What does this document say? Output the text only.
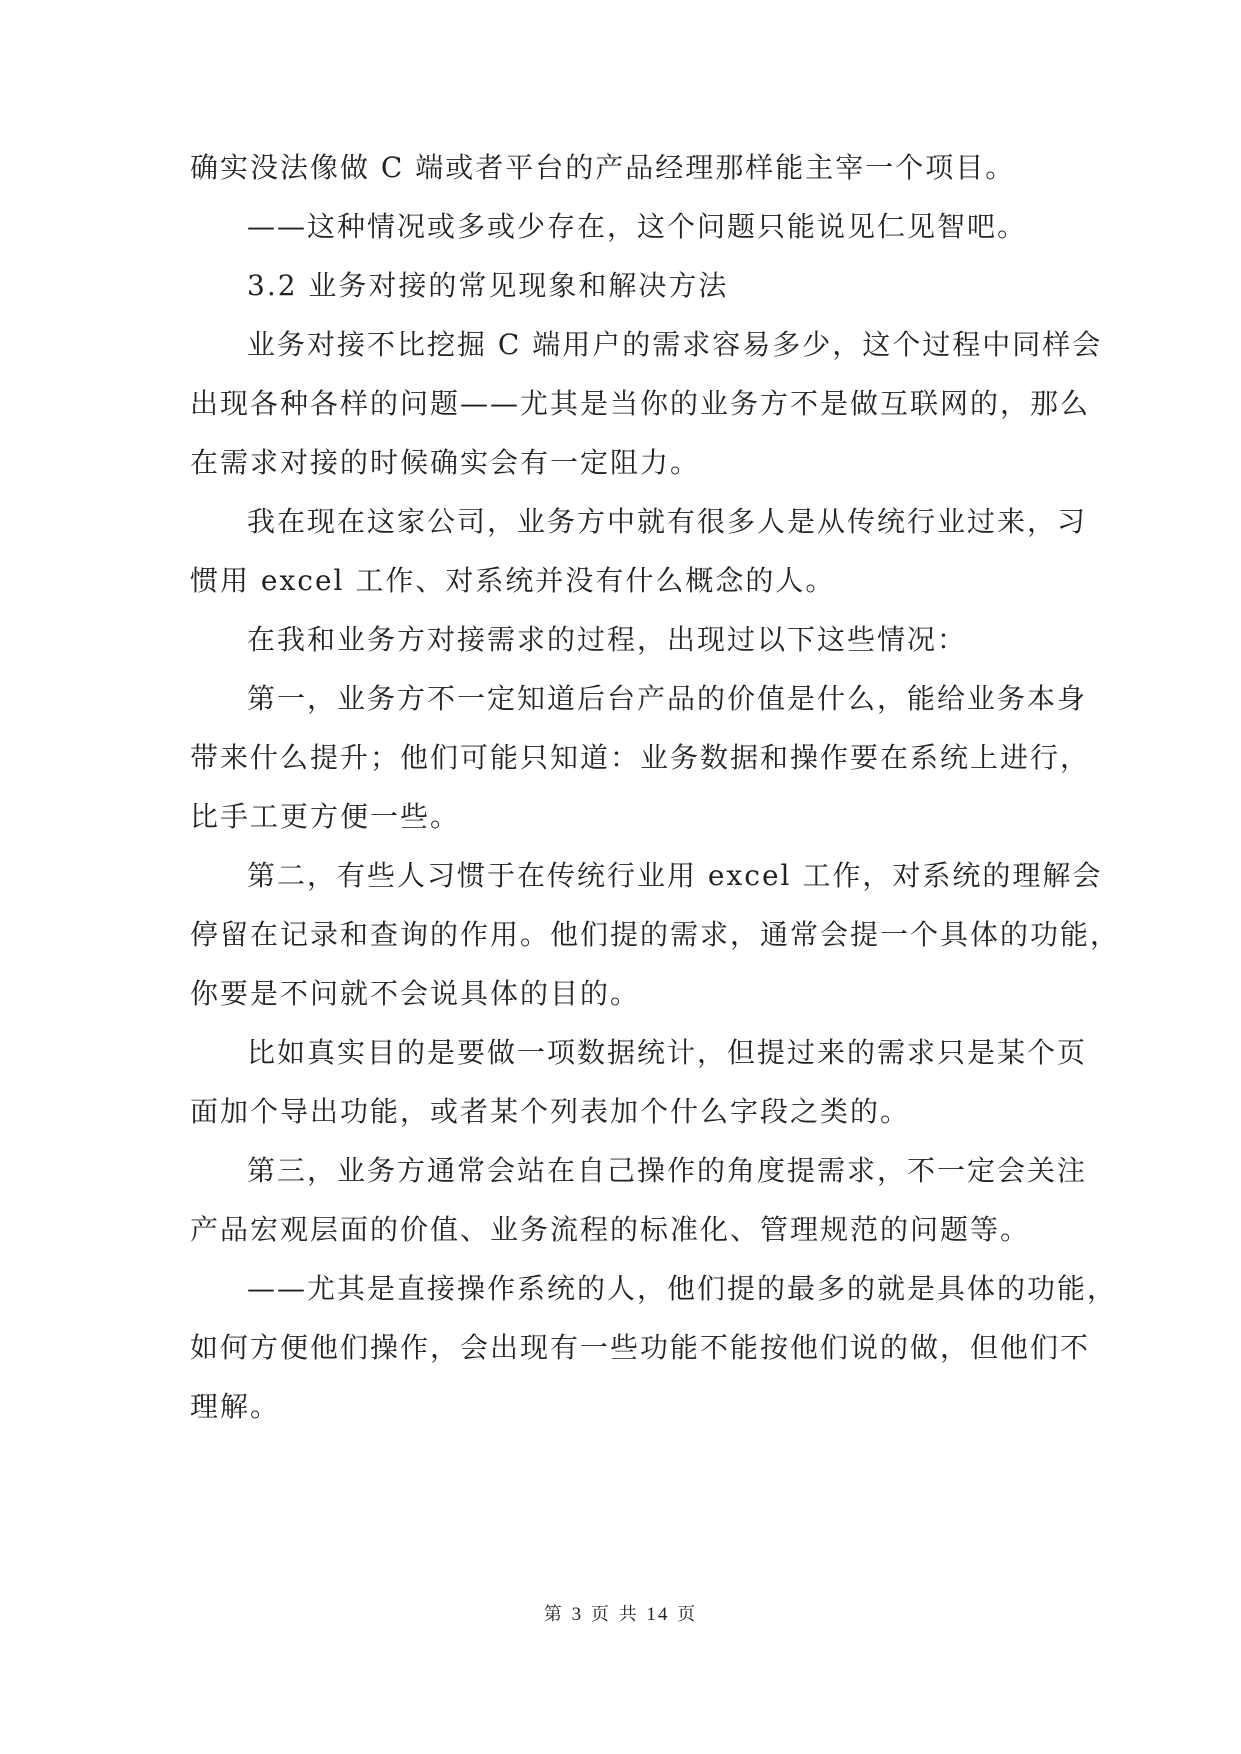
确实没法像做 C 端或者平台的产品经理那样能主宰一个项目。
——这种情况或多或少存在，这个问题只能说见仁见智吧。
3.2 业务对接的常见现象和解决方法
业务对接不比挖掘 C 端用户的需求容易多少，这个过程中同样会
出现各种各样的问题——尤其是当你的业务方不是做互联网的，那么
在需求对接的时候确实会有一定阻力。
我在现在这家公司，业务方中就有很多人是从传统行业过来，习
惯用 excel 工作、对系统并没有什么概念的人。
在我和业务方对接需求的过程，出现过以下这些情况：
第一，业务方不一定知道后台产品的价值是什么，能给业务本身
带来什么提升；他们可能只知道：业务数据和操作要在系统上进行，
比手工更方便一些。
第二，有些人习惯于在传统行业用 excel 工作，对系统的理解会
停留在记录和查询的作用。他们提的需求，通常会提一个具体的功能，
你要是不问就不会说具体的目的。
比如真实目的是要做一项数据统计，但提过来的需求只是某个页
面加个导出功能，或者某个列表加个什么字段之类的。
第三，业务方通常会站在自己操作的角度提需求，不一定会关注
产品宏观层面的价值、业务流程的标准化、管理规范的问题等。
——尤其是直接操作系统的人，他们提的最多的就是具体的功能，
如何方便他们操作，会出现有一些功能不能按他们说的做，但他们不
理解。
第 3 页 共 14 页
